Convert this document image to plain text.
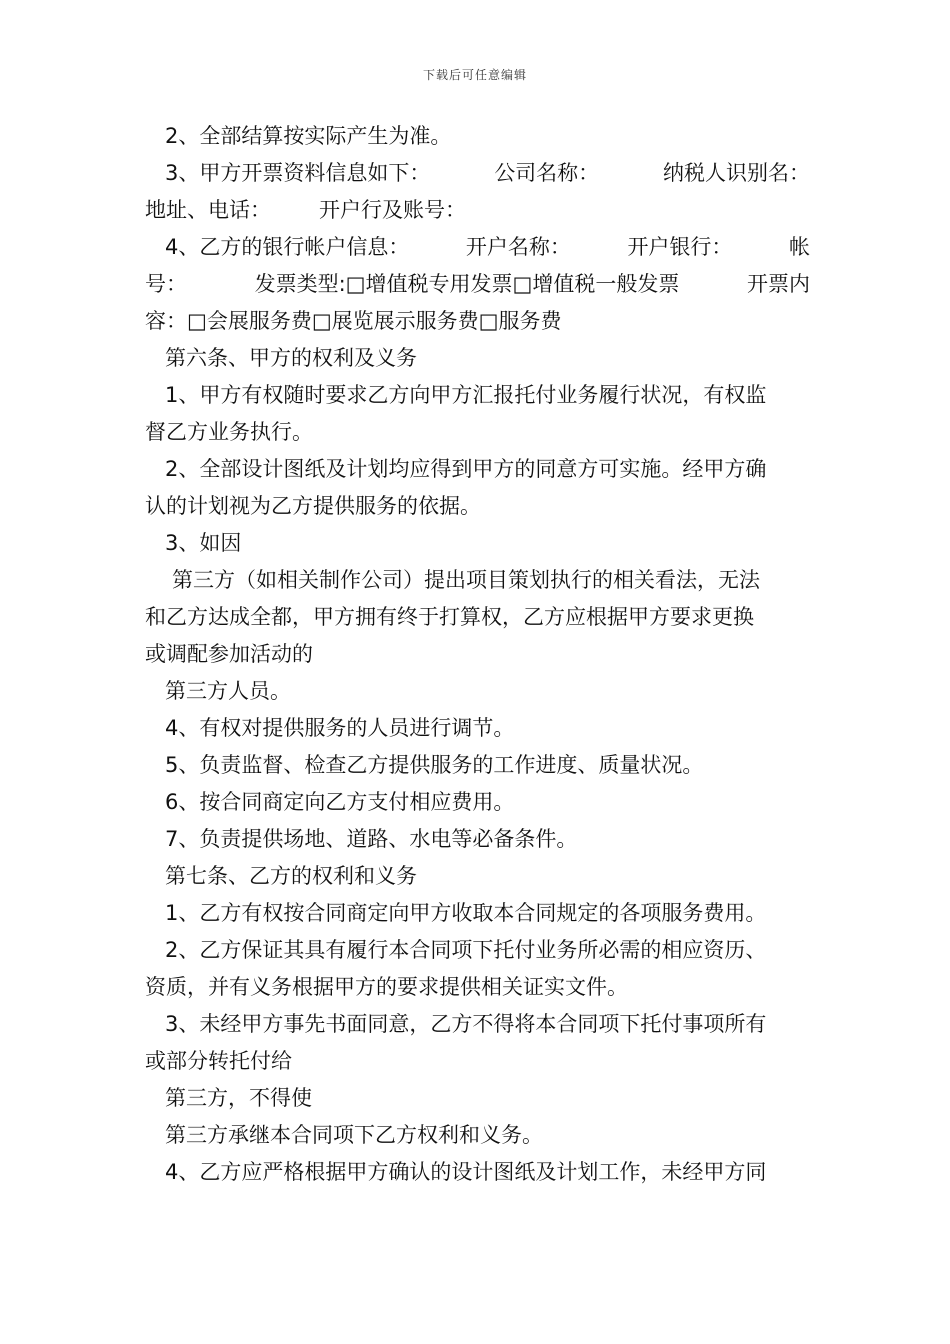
下载后可任意编辑
2、全部结算按实际产生为准。
3、甲方开票资料信息如下：	公司名称：	纳税人识别名：
地址、电话： 开户行及账号：
4、乙方的银行帐户信息：	开户名称：	开户银行：	帐
号：	发票类型:□增值税专用发票□增值税一般发票	开票内
容：□会展服务费□展览展示服务费□服务费
第六条、甲方的权利及义务
1、甲方有权随时要求乙方向甲方汇报托付业务履行状况，有权监
督乙方业务执行。
2、全部设计图纸及计划均应得到甲方的同意方可实施。经甲方确
认的计划视为乙方提供服务的依据。
3、如因
第三方（如相关制作公司）提出项目策划执行的相关看法，无法
和乙方达成全都，甲方拥有终于打算权，乙方应根据甲方要求更换
或调配参加活动的
第三方人员。
4、有权对提供服务的人员进行调节。
5、负责监督、检查乙方提供服务的工作进度、质量状况。
6、按合同商定向乙方支付相应费用。
7、负责提供场地、道路、水电等必备条件。
第七条、乙方的权利和义务
1、乙方有权按合同商定向甲方收取本合同规定的各项服务费用。
2、乙方保证其具有履行本合同项下托付业务所必需的相应资历、
资质，并有义务根据甲方的要求提供相关证实文件。
3、未经甲方事先书面同意，乙方不得将本合同项下托付事项所有
或部分转托付给
第三方，不得使
第三方承继本合同项下乙方权利和义务。
4、乙方应严格根据甲方确认的设计图纸及计划工作，未经甲方同
